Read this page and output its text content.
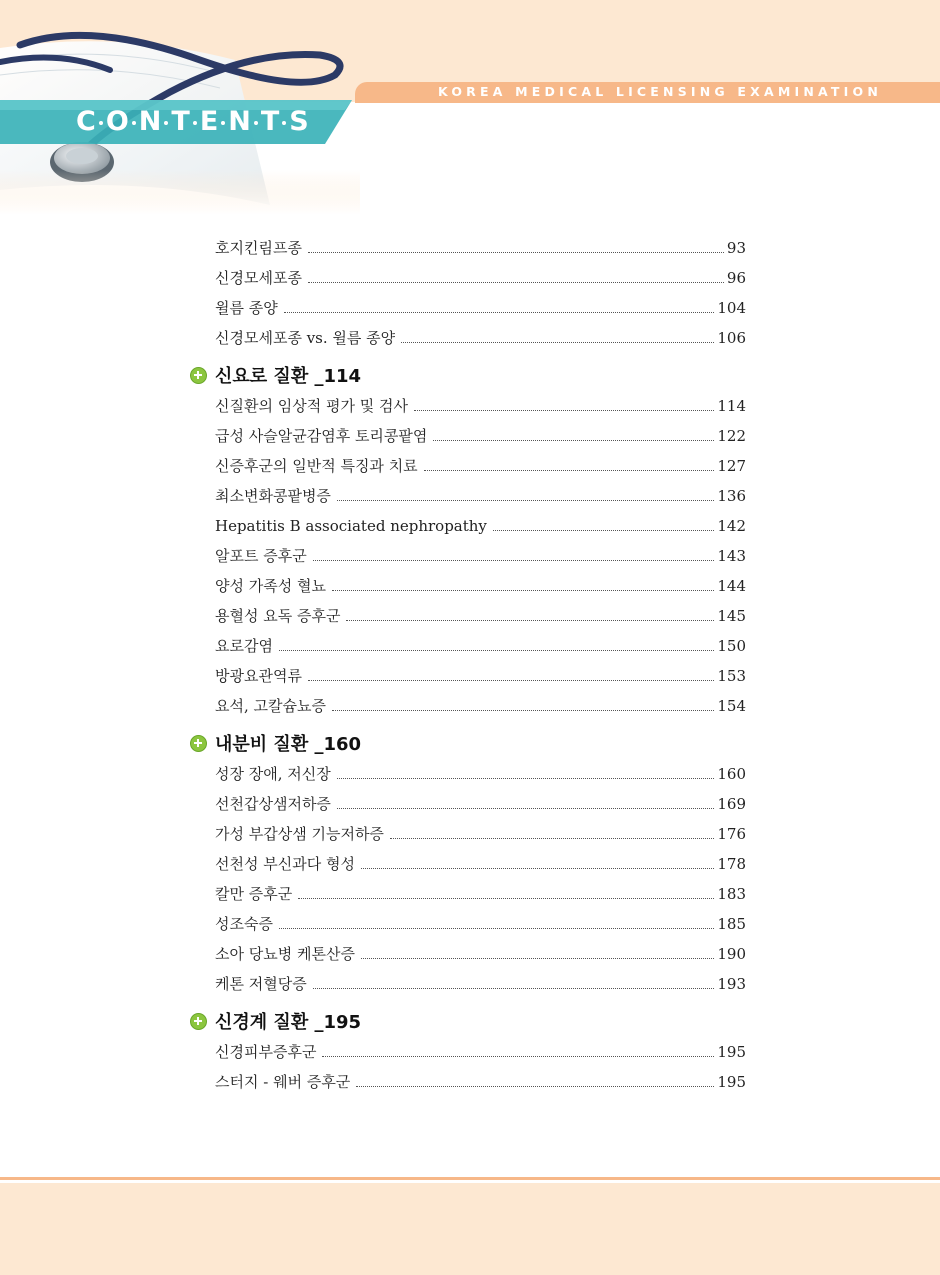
KOREA MEDICAL LICENSING EXAMINATION
C O N T E N T S
호지킨림프종	93
신경모세포종	96
윌름 종양	104
신경모세포종 vs. 윌름 종양	106
신요로 질환 _114
신질환의 임상적 평가 및 검사	114
급성 사슬알균감염후 토리콩팥염	122
신증후군의 일반적 특징과 치료	127
최소변화콩팥병증	136
Hepatitis B associated nephropathy	142
알포트 증후군	143
양성 가족성 혈뇨	144
용혈성 요독 증후군	145
요로감염	150
방광요관역류	153
요석, 고칼슘뇨증	154
내분비 질환 _160
성장 장애, 저신장	160
선천갑상샘저하증	169
가성 부갑상샘 기능저하증	176
선천성 부신과다 형성	178
칼만 증후군	183
성조숙증	185
소아 당뇨병 케톤산증	190
케톤 저혈당증	193
신경계 질환 _195
신경피부증후군	195
스터지 - 웨버 증후군	195
